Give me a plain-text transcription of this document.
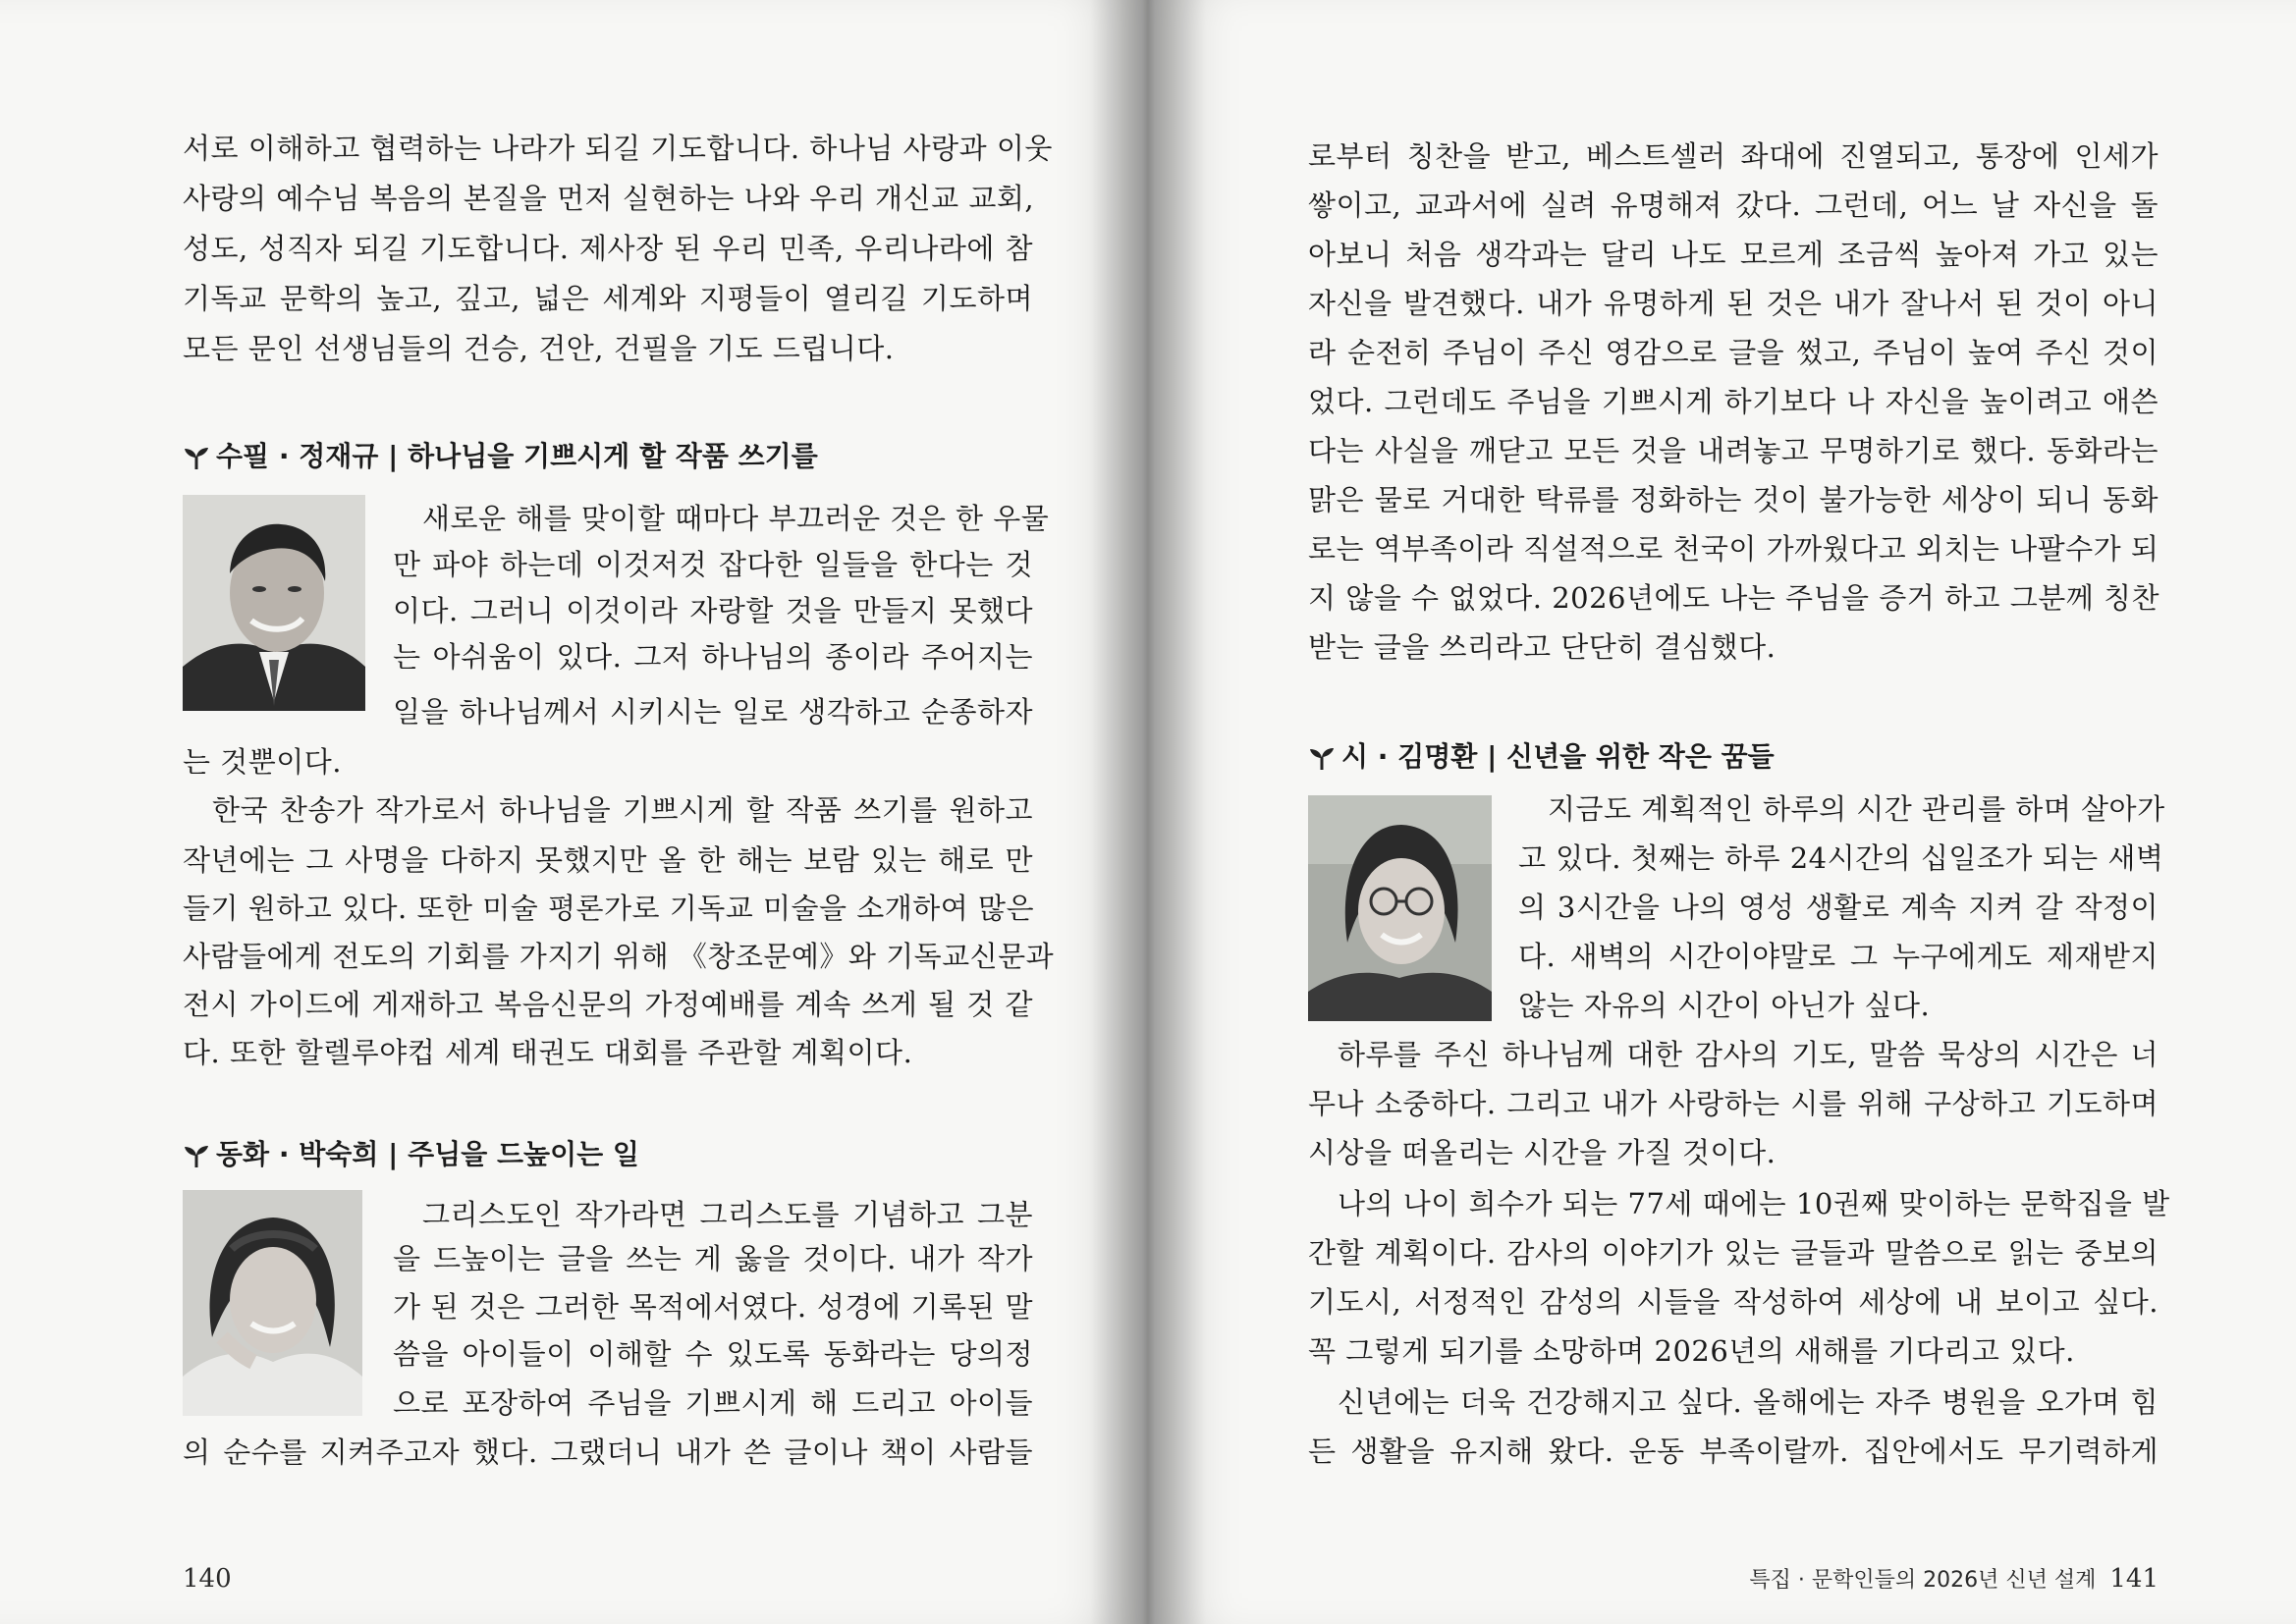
서로 이해하고 협력하는 나라가 되길 기도합니다. 하나님 사랑과 이웃
사랑의 예수님 복음의 본질을 먼저 실현하는 나와 우리 개신교 교회,
성도, 성직자 되길 기도합니다. 제사장 된 우리 민족, 우리나라에 참
기독교 문학의 높고, 깊고, 넓은 세계와 지평들이 열리길 기도하며
모든 문인 선생님들의 건승, 건안, 건필을 기도 드립니다.
수필 · 정재규 | 하나님을 기쁘시게 할 작품 쓰기를
새로운 해를 맞이할 때마다 부끄러운 것은 한 우물
만 파야 하는데 이것저것 잡다한 일들을 한다는 것
이다. 그러니 이것이라 자랑할 것을 만들지 못했다
는 아쉬움이 있다. 그저 하나님의 종이라 주어지는
일을 하나님께서 시키시는 일로 생각하고 순종하자
는 것뿐이다.
한국 찬송가 작가로서 하나님을 기쁘시게 할 작품 쓰기를 원하고
작년에는 그 사명을 다하지 못했지만 올 한 해는 보람 있는 해로 만
들기 원하고 있다. 또한 미술 평론가로 기독교 미술을 소개하여 많은
사람들에게 전도의 기회를 가지기 위해 《창조문예》와 기독교신문과
전시 가이드에 게재하고 복음신문의 가정예배를 계속 쓰게 될 것 같
다. 또한 할렐루야컵 세계 태권도 대회를 주관할 계획이다.
동화 · 박숙희 | 주님을 드높이는 일
그리스도인 작가라면 그리스도를 기념하고 그분
을 드높이는 글을 쓰는 게 옳을 것이다. 내가 작가
가 된 것은 그러한 목적에서였다. 성경에 기록된 말
씀을 아이들이 이해할 수 있도록 동화라는 당의정
으로 포장하여 주님을 기쁘시게 해 드리고 아이들
의 순수를 지켜주고자 했다. 그랬더니 내가 쓴 글이나 책이 사람들
140
로부터 칭찬을 받고, 베스트셀러 좌대에 진열되고, 통장에 인세가
쌓이고, 교과서에 실려 유명해져 갔다. 그런데, 어느 날 자신을 돌
아보니 처음 생각과는 달리 나도 모르게 조금씩 높아져 가고 있는
자신을 발견했다. 내가 유명하게 된 것은 내가 잘나서 된 것이 아니
라 순전히 주님이 주신 영감으로 글을 썼고, 주님이 높여 주신 것이
었다. 그런데도 주님을 기쁘시게 하기보다 나 자신을 높이려고 애쓴
다는 사실을 깨닫고 모든 것을 내려놓고 무명하기로 했다. 동화라는
맑은 물로 거대한 탁류를 정화하는 것이 불가능한 세상이 되니 동화
로는 역부족이라 직설적으로 천국이 가까웠다고 외치는 나팔수가 되
지 않을 수 없었다. 2026년에도 나는 주님을 증거 하고 그분께 칭찬
받는 글을 쓰리라고 단단히 결심했다.
시 · 김명환 | 신년을 위한 작은 꿈들
지금도 계획적인 하루의 시간 관리를 하며 살아가
고 있다. 첫째는 하루 24시간의 십일조가 되는 새벽
의 3시간을 나의 영성 생활로 계속 지켜 갈 작정이
다. 새벽의 시간이야말로 그 누구에게도 제재받지
않는 자유의 시간이 아닌가 싶다.
하루를 주신 하나님께 대한 감사의 기도, 말씀 묵상의 시간은 너
무나 소중하다. 그리고 내가 사랑하는 시를 위해 구상하고 기도하며
시상을 떠올리는 시간을 가질 것이다.
나의 나이 희수가 되는 77세 때에는 10권째 맞이하는 문학집을 발
간할 계획이다. 감사의 이야기가 있는 글들과 말씀으로 읽는 중보의
기도시, 서정적인 감성의 시들을 작성하여 세상에 내 보이고 싶다.
꼭 그렇게 되기를 소망하며 2026년의 새해를 기다리고 있다.
신년에는 더욱 건강해지고 싶다. 올해에는 자주 병원을 오가며 힘
든 생활을 유지해 왔다. 운동 부족이랄까. 집안에서도 무기력하게
특집 · 문학인들의 2026년 신년 설계 141
